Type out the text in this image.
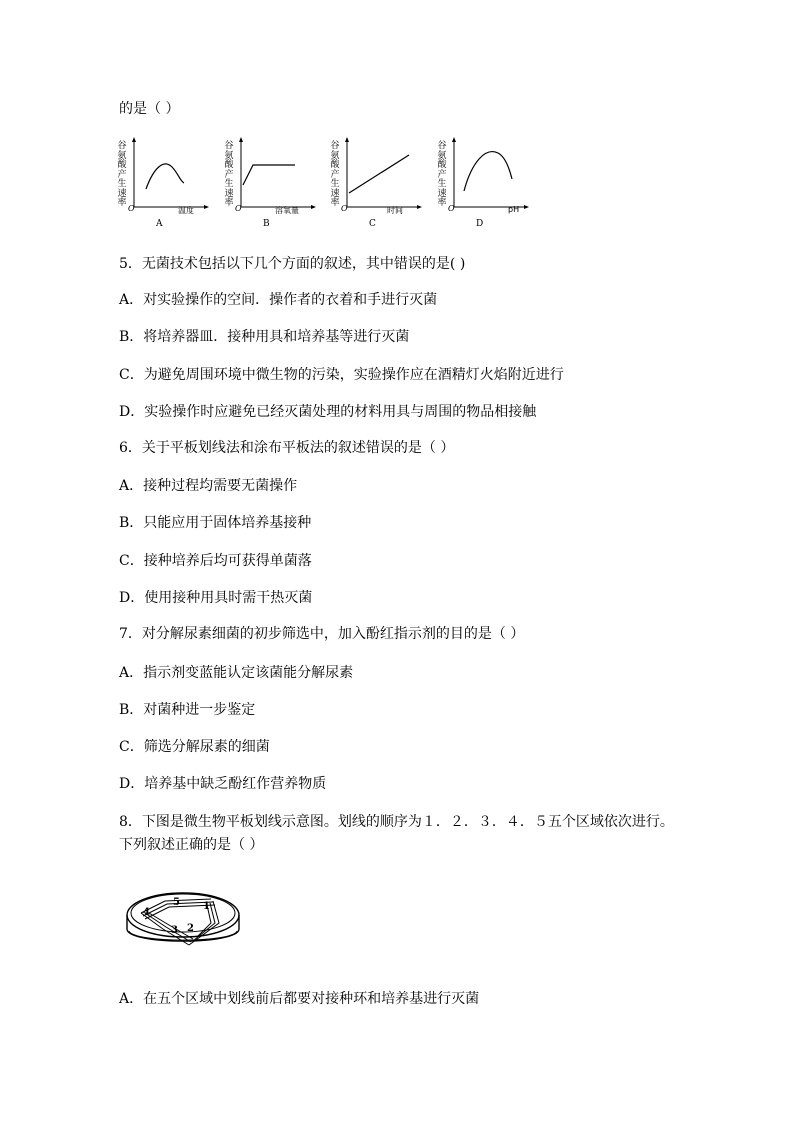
的是（ ）
谷
氨
酸
产
生
速
率
O	温度
A
谷
氨
酸
产
生
速
率
O	溶氧量
B
谷
氨
酸
产
生
速
率
O	时间
C
谷
氨
酸
产
生
速
率
O	pH
D
5．无菌技术包括以下几个方面的叙述，其中错误的是( )
A．对实验操作的空间．操作者的衣着和手进行灭菌
B．将培养器皿．接种用具和培养基等进行灭菌
C．为避免周围环境中微生物的污染，实验操作应在酒精灯火焰附近进行
D．实验操作时应避免已经灭菌处理的材料用具与周围的物品相接触
6．关于平板划线法和涂布平板法的叙述错误的是（ ）
A．接种过程均需要无菌操作
B．只能应用于固体培养基接种
C．接种培养后均可获得单菌落
D．使用接种用具时需干热灭菌
7．对分解尿素细菌的初步筛选中，加入酚红指示剂的目的是（ ）
A．指示剂变蓝能认定该菌能分解尿素
B．对菌种进一步鉴定
C．筛选分解尿素的细菌
D．培养基中缺乏酚红作营养物质
8．下图是微生物平板划线示意图。划线的顺序为１．２．３．４．５五个区域依次进行。
下列叙述正确的是（ ）
1
2
3
4
5
A．在五个区域中划线前后都要对接种环和培养基进行灭菌
